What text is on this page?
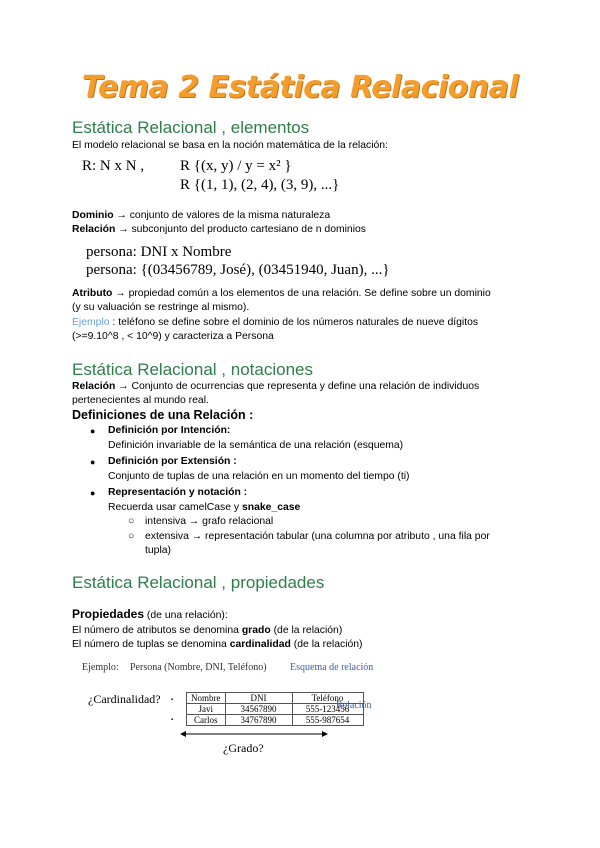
Tema 2 Estática Relacional
Estática Relacional , elementos
El modelo relacional se basa en la noción matemática de la relación:
R: N x N , R {(x, y) / y = x² }
R {(1, 1), (2, 4), (3, 9), ...}
Dominio → conjunto de valores de la misma naturaleza
Relación → subconjunto del producto cartesiano de n dominios
persona: DNI x Nombre
persona: {(03456789, José), (03451940, Juan), ...}
Atributo → propiedad común a los elementos de una relación. Se define sobre un dominio
(y su valuación se restringe al mismo).
Ejemplo : teléfono se define sobre el dominio de los números naturales de nueve dígitos
(>=9.10^8 , < 10^9) y caracteriza a Persona
Estática Relacional , notaciones
Relación → Conjunto de ocurrencias que representa y define una relación de individuos
pertenecientes al mundo real.
Definiciones de una Relación :
● Definición por Intención:
Definición invariable de la semántica de una relación (esquema)
● Definición por Extensión :
Conjunto de tuplas de una relación en un momento del tiempo (ti)
● Representación y notación :
Recuerda usar camelCase y snake_case
○ intensiva → grafo relacional
○ extensiva → representación tabular (una columna por atributo , una fila por
tupla)
Estática Relacional , propiedades
Propiedades (de una relación):
El número de atributos se denomina grado (de la relación)
El número de tuplas se denomina cardinalidad (de la relación)
Ejemplo: Persona (Nombre, DNI, Teléfono) Esquema de relación
¿Cardinalidad? ▪
▪
Nombre	DNI	Teléfono
Javi	34567890	555-123456
Carlos	34767890	555-987654
Relación
¿Grado?
